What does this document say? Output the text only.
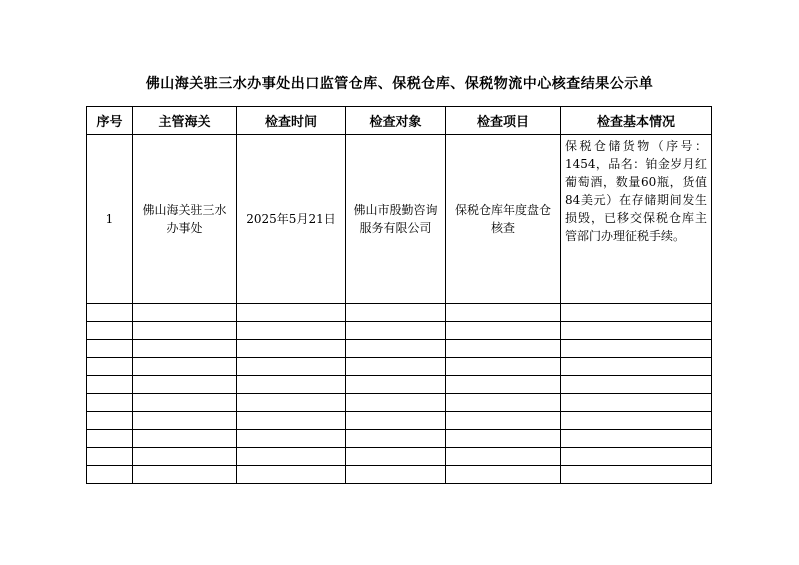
佛山海关驻三水办事处出口监管仓库、保税仓库、保税物流中心核查结果公示单
序号	主管海关	检查时间	检查对象	检查项目	检查基本情况

1	佛山海关驻三水办事处	2025年5月21日	佛山市殷勤咨询服务有限公司	保税仓库年度盘仓核查	保税仓储货物（序号：1454，品名：铂金岁月红葡萄酒，数量60瓶，货值84美元）在存储期间发生损毁，已移交保税仓库主管部门办理征税手续。
